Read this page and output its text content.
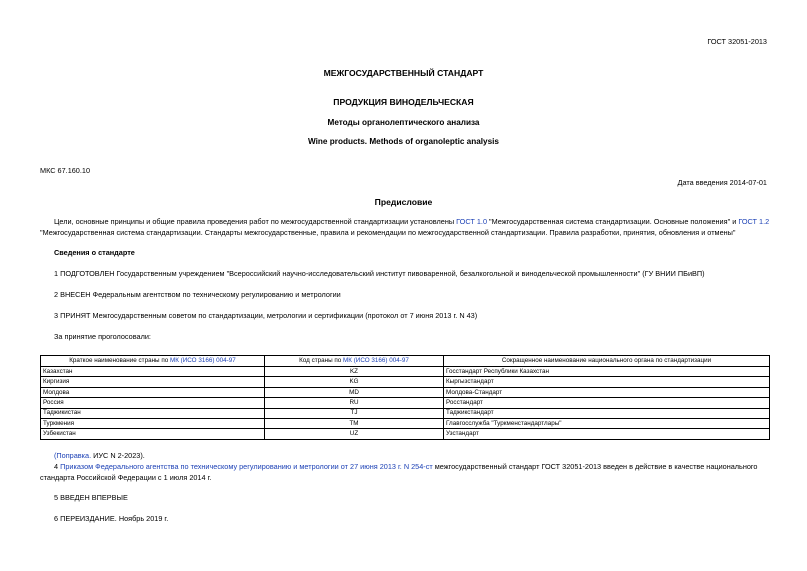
ГОСТ 32051-2013
МЕЖГОСУДАРСТВЕННЫЙ СТАНДАРТ
ПРОДУКЦИЯ ВИНОДЕЛЬЧЕСКАЯ
Методы органолептического анализа
Wine products. Methods of organoleptic analysis
МКС 67.160.10
Дата введения 2014-07-01
Предисловие

Цели, основные принципы и общие правила проведения работ по межгосударственной стандартизации установлены ГОСТ 1.0 "Межгосударственная система стандартизации. Основные положения" и ГОСТ 1.2 "Межгосударственная система стандартизации. Стандарты межгосударственные, правила и рекомендации по межгосударственной стандартизации. Правила разработки, принятия, обновления и отмены"

Сведения о стандарте
1 ПОДГОТОВЛЕН Государственным учреждением "Всероссийский научно-исследовательский институт пивоваренной, безалкогольной и винодельческой промышленности" (ГУ ВНИИ ПБиВП)
2 ВНЕСЕН Федеральным агентством по техническому регулированию и метрологии
3 ПРИНЯТ Межгосударственным советом по стандартизации, метрологии и сертификации (протокол от 7 июня 2013 г. N 43)
За принятие проголосовали:
Краткое наименование страны по МК (ИСО 3166) 004-97	Код страны по МК (ИСО 3166) 004-97	Сокращенное наименование национального органа по стандартизации
Казахстан	KZ	Госстандарт Республики Казахстан
Киргизия	KG	Кыргызстандарт
Молдова	MD	Молдова-Стандарт
Россия	RU	Росстандарт
Таджикистан	TJ	Таджикстандарт
Туркмения	TM	Главгосслужба "Туркменстандартлары"
Узбекистан	UZ	Узстандарт
(Поправка. ИУС N 2-2023).

4 Приказом Федерального агентства по техническому регулированию и метрологии от 27 июня 2013 г. N 254-ст межгосударственный стандарт ГОСТ 32051-2013 введен в действие в качестве национального стандарта Российской Федерации с 1 июля 2014 г.

5 ВВЕДЕН ВПЕРВЫЕ
6 ПЕРЕИЗДАНИЕ. Ноябрь 2019 г.
